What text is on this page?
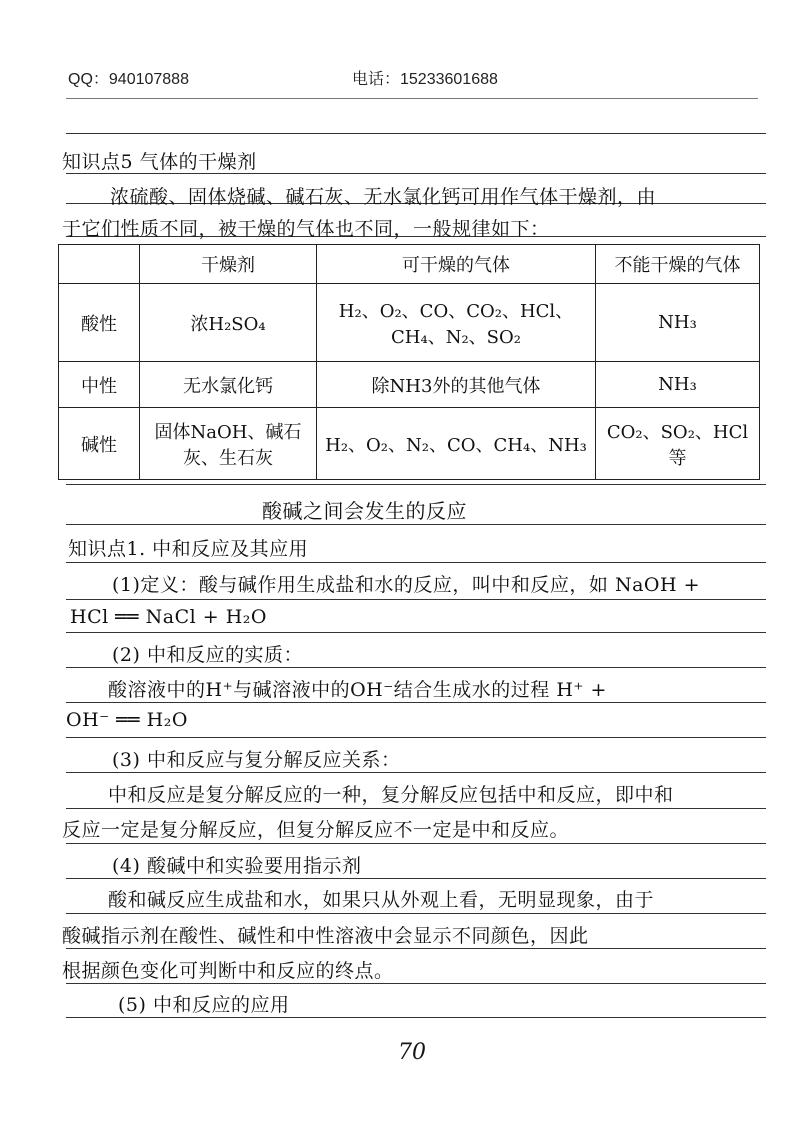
QQ：940107888	电话：15233601688
知识点5 气体的干燥剂
浓硫酸、固体烧碱、碱石灰、无水氯化钙可用作气体干燥剂，由
于它们性质不同，被干燥的气体也不同，一般规律如下：
	干燥剂	可干燥的气体	不能干燥的气体
酸性	浓H₂SO₄	H₂、O₂、CO、CO₂、HCl、CH₄、N₂、SO₂	NH₃
中性	无水氯化钙	除NH3外的其他气体	NH₃
碱性	固体NaOH、碱石灰、生石灰	H₂、O₂、N₂、CO、CH₄、NH₃	CO₂、SO₂、HCl等
酸碱之间会发生的反应
知识点1. 中和反应及其应用
(1)定义：酸与碱作用生成盐和水的反应，叫中和反应，如 NaOH +
HCl ══ NaCl + H₂O
(2) 中和反应的实质：
酸溶液中的H⁺与碱溶液中的OH⁻结合生成水的过程 H⁺ +
OH⁻ ══ H₂O
(3) 中和反应与复分解反应关系：
中和反应是复分解反应的一种，复分解反应包括中和反应，即中和
反应一定是复分解反应，但复分解反应不一定是中和反应。
(4) 酸碱中和实验要用指示剂
酸和碱反应生成盐和水，如果只从外观上看，无明显现象，由于
酸碱指示剂在酸性、碱性和中性溶液中会显示不同颜色，因此
根据颜色变化可判断中和反应的终点。
(5) 中和反应的应用
70
